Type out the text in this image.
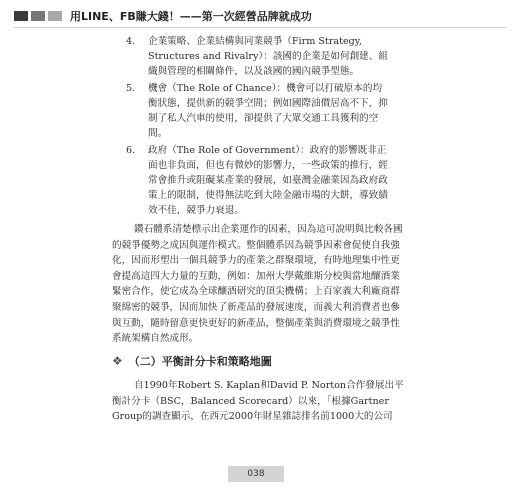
用LINE、FB賺大錢！——第一次經營品牌就成功
4.	企業策略、企業結構與同業競爭（Firm Strategy, Structures and Rivalry）：該國的企業是如何創建、組織與管理的相關條件，以及該國的國內競爭型態。
5.	機會（The Role of Chance）：機會可以打破原本的均衡狀態，提供新的競爭空間；例如國際油價居高不下，抑制了私人汽車的使用，卻提供了大眾交通工具獲利的空間。
6.	政府（The Role of Government）：政府的影響既非正面也非負面，但也有微妙的影響力，一些政策的推行，經常會推升或阻礙某產業的發展，如臺灣金融業因為政府政策上的限制，使得無法吃到大陸金融市場的大餅，導致績效不佳，競爭力衰退。

鑽石體系清楚標示出企業運作的因素，因為這可說明與比較各國的競爭優勢之成因與運作模式。整個體系因為競爭因素會促使自我強化，因而形塑出一個具競爭力的產業之群聚環境，有時地理集中性更會提高這四大力量的互動，例如：加州大學戴維斯分校與當地釀酒業緊密合作，使它成為全球釀酒研究的頂尖機構；上百家義大利廠商群聚綿密的競爭，因而加快了新產品的發展速度，而義大利消費者也參與互動，隨時留意更快更好的新產品，整個產業與消費環境之競爭性系統架構自然成形。

❖ （二）平衡計分卡和策略地圖

自1990年Robert S. Kaplan和David P. Norton合作發展出平衡計分卡（BSC，Balanced Scorecard）以來，「根據Gartner Group的調查顯示，在西元2000年財星雜誌排名前1000大的公司

038
